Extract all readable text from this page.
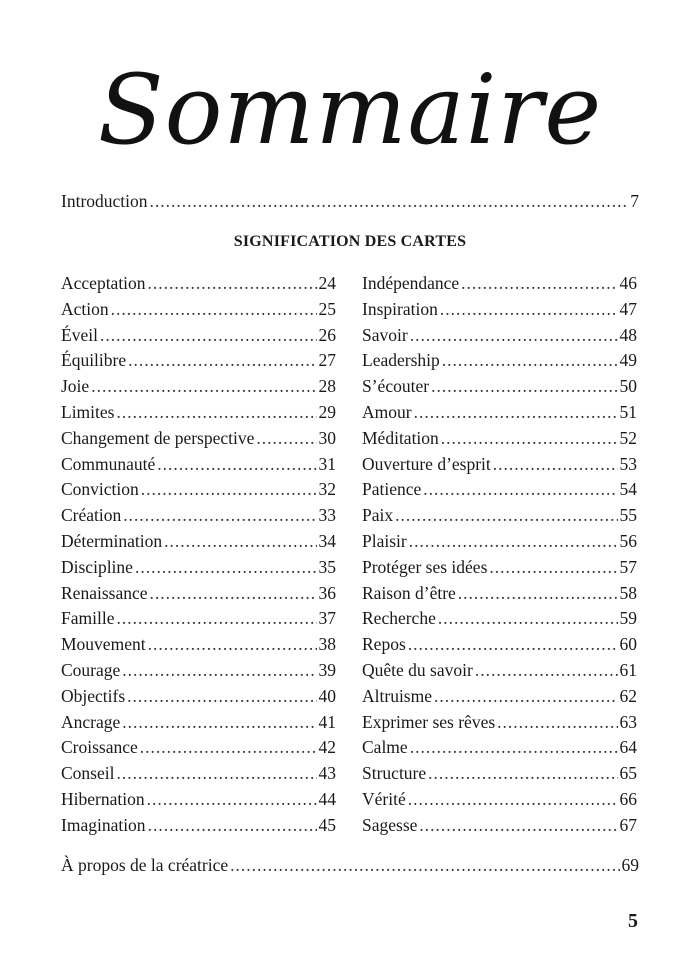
Sommaire
Introduction .....	7
SIGNIFICATION DES CARTES
Acceptation .....	24
Action .....	25
Éveil .....	26
Équilibre .....	27
Joie .....	28
Limites .....	29
Changement de perspective .....	30
Communauté .....	31
Conviction .....	32
Création .....	33
Détermination .....	34
Discipline .....	35
Renaissance .....	36
Famille .....	37
Mouvement .....	38
Courage .....	39
Objectifs .....	40
Ancrage .....	41
Croissance .....	42
Conseil .....	43
Hibernation .....	44
Imagination .....	45
Indépendance .....	46
Inspiration .....	47
Savoir .....	48
Leadership .....	49
S’écouter .....	50
Amour .....	51
Méditation .....	52
Ouverture d’esprit .....	53
Patience .....	54
Paix .....	55
Plaisir .....	56
Protéger ses idées .....	57
Raison d’être .....	58
Recherche .....	59
Repos .....	60
Quête du savoir .....	61
Altruisme .....	62
Exprimer ses rêves .....	63
Calme .....	64
Structure .....	65
Vérité .....	66
Sagesse .....	67
À propos de la créatrice .....	69
5
